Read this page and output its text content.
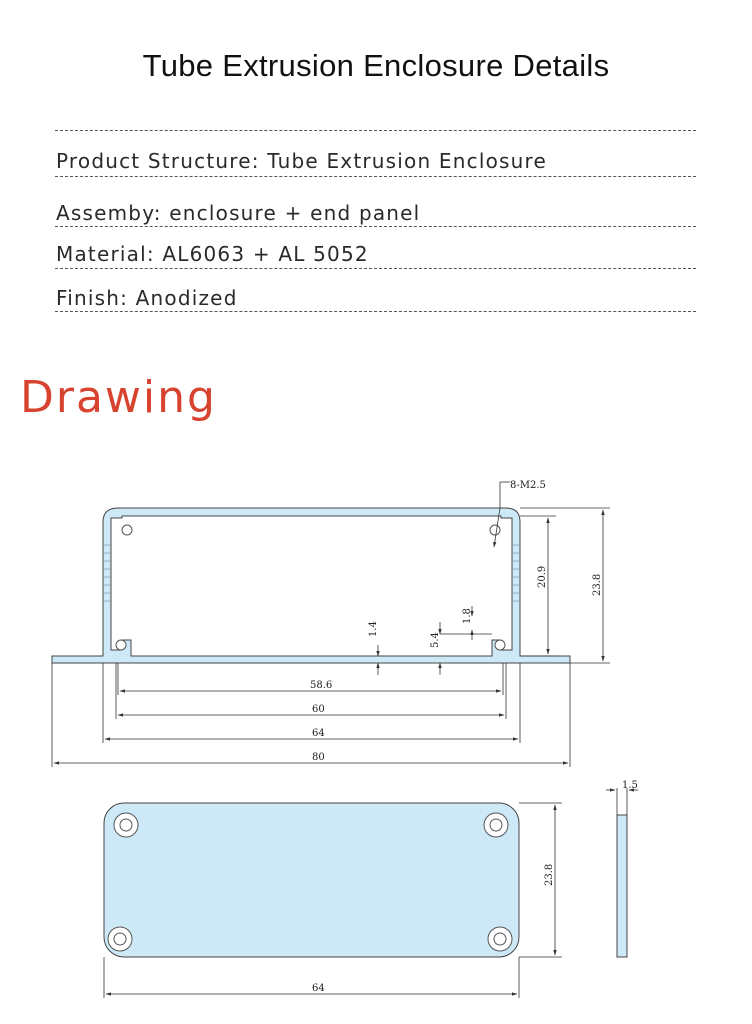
Tube Extrusion Enclosure Details
Product Structure: Tube Extrusion Enclosure
Assemby: enclosure + end panel
Material: AL6063 + AL 5052
Finish: Anodized
Drawing
8-M2.5
20.9	23.8
1.4
5.4
1.8
58.6
60
64
80
23.8
64
1.5
